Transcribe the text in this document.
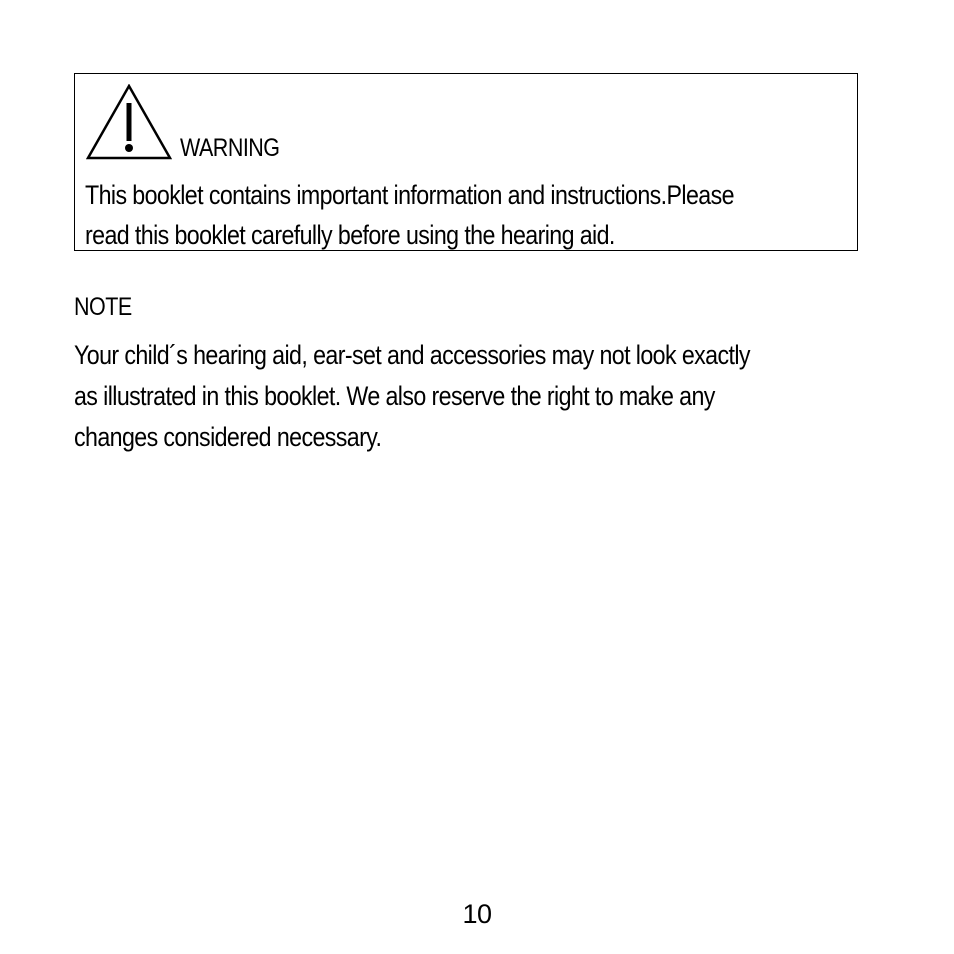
WARNING
This booklet contains important information and instructions.Please
read this booklet carefully before using the hearing aid.
NOTE
Your child´s hearing aid, ear-set and accessories may not look exactly
as illustrated in this booklet. We also reserve the right to make any
changes considered necessary.
10
